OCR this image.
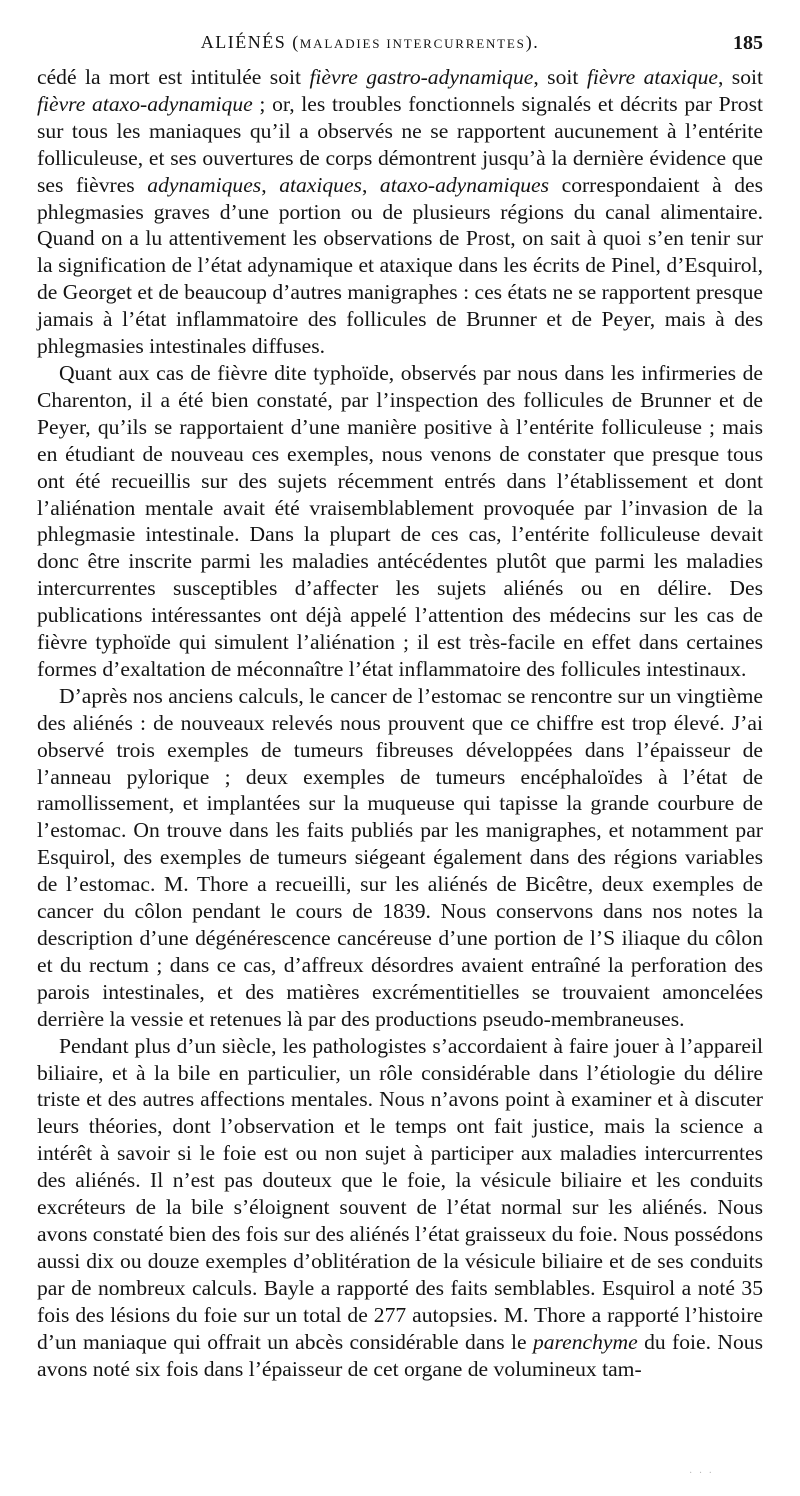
ALIÉNÉS (MALADIES INTERCURRENTES).	185

cédé la mort est intitulée soit fièvre gastro-adynamique, soit fièvre ataxique, soit fièvre ataxo-adynamique ; or, les troubles fonctionnels signalés et décrits par Prost sur tous les maniaques qu’il a observés ne se rapportent aucunement à l’entérite folliculeuse, et ses ouvertures de corps démontrent jusqu’à la dernière évidence que ses fièvres adynamiques, ataxiques, ataxo-adynamiques correspondaient à des phlegmasies graves d’une portion ou de plusieurs régions du canal alimentaire. Quand on a lu attentivement les observations de Prost, on sait à quoi s’en tenir sur la signification de l’état adynamique et ataxique dans les écrits de Pinel, d’Esquirol, de Georget et de beaucoup d’autres manigraphes : ces états ne se rapportent presque jamais à l’état inflammatoire des follicules de Brunner et de Peyer, mais à des phlegmasies intestinales diffuses.

Quant aux cas de fièvre dite typhoïde, observés par nous dans les infirmeries de Charenton, il a été bien constaté, par l’inspection des follicules de Brunner et de Peyer, qu’ils se rapportaient d’une manière positive à l’entérite folliculeuse ; mais en étudiant de nouveau ces exemples, nous venons de constater que presque tous ont été recueillis sur des sujets récemment entrés dans l’établissement et dont l’aliénation mentale avait été vraisemblablement provoquée par l’invasion de la phlegmasie intestinale. Dans la plupart de ces cas, l’entérite folliculeuse devait donc être inscrite parmi les maladies antécédentes plutôt que parmi les maladies intercurrentes susceptibles d’affecter les sujets aliénés ou en délire. Des publications intéressantes ont déjà appelé l’attention des médecins sur les cas de fièvre typhoïde qui simulent l’aliénation ; il est très-facile en effet dans certaines formes d’exaltation de méconnaître l’état inflammatoire des follicules intestinaux.

D’après nos anciens calculs, le cancer de l’estomac se rencontre sur un vingtième des aliénés : de nouveaux relevés nous prouvent que ce chiffre est trop élevé. J’ai observé trois exemples de tumeurs fibreuses développées dans l’épaisseur de l’anneau pylorique ; deux exemples de tumeurs encéphaloïdes à l’état de ramollissement, et implantées sur la muqueuse qui tapisse la grande courbure de l’estomac. On trouve dans les faits publiés par les manigraphes, et notamment par Esquirol, des exemples de tumeurs siégeant également dans des régions variables de l’estomac. M. Thore a recueilli, sur les aliénés de Bicêtre, deux exemples de cancer du côlon pendant le cours de 1839. Nous conservons dans nos notes la description d’une dégénérescence cancéreuse d’une portion de l’S iliaque du côlon et du rectum ; dans ce cas, d’affreux désordres avaient entraîné la perforation des parois intestinales, et des matières excrémentitielles se trouvaient amoncelées derrière la vessie et retenues là par des productions pseudo-membraneuses.

Pendant plus d’un siècle, les pathologistes s’accordaient à faire jouer à l’appareil biliaire, et à la bile en particulier, un rôle considérable dans l’étiologie du délire triste et des autres affections mentales. Nous n’avons point à examiner et à discuter leurs théories, dont l’observation et le temps ont fait justice, mais la science a intérêt à savoir si le foie est ou non sujet à participer aux maladies intercurrentes des aliénés. Il n’est pas douteux que le foie, la vésicule biliaire et les conduits excréteurs de la bile s’éloignent souvent de l’état normal sur les aliénés. Nous avons constaté bien des fois sur des aliénés l’état graisseux du foie. Nous possédons aussi dix ou douze exemples d’oblitération de la vésicule biliaire et de ses conduits par de nombreux calculs. Bayle a rapporté des faits semblables. Esquirol a noté 35 fois des lésions du foie sur un total de 277 autopsies. M. Thore a rapporté l’histoire d’un maniaque qui offrait un abcès considérable dans le parenchyme du foie. Nous avons noté six fois dans l’épaisseur de cet organe de volumineux tam-

· · ·
